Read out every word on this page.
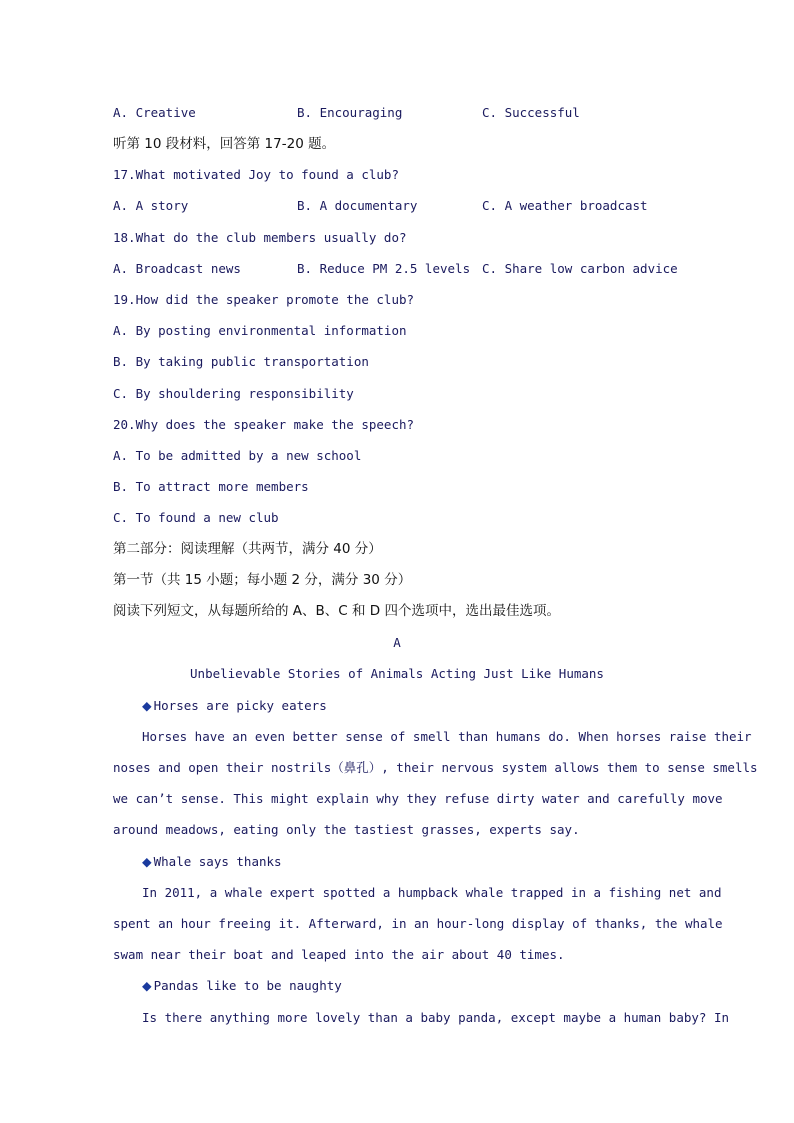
A. Creative	B. Encouraging	C. Successful
听第 10 段材料，回答第 17-20 题。
17.What motivated Joy to found a club?
A. A story	B. A documentary	C. A weather broadcast
18.What do the club members usually do?
A. Broadcast news	B. Reduce PM 2.5 levels C. Share low carbon advice
19.How did the speaker promote the club?
A. By posting environmental information
B. By taking public transportation
C. By shouldering responsibility
20.Why does the speaker make the speech?
A. To be admitted by a new school
B. To attract more members
C. To found a new club
第二部分：阅读理解（共两节，满分 40 分）
第一节（共 15 小题；每小题 2 分，满分 30 分）
阅读下列短文，从每题所给的 A、B、C 和 D 四个选项中，选出最佳选项。
A
Unbelievable Stories of Animals Acting Just Like Humans
◆ Horses are picky eaters
Horses have an even better sense of smell than humans do. When horses raise their
noses and open their nostrils（鼻孔）, their nervous system allows them to sense smells
we can’t sense. This might explain why they refuse dirty water and carefully move
around meadows, eating only the tastiest grasses, experts say.
◆ Whale says thanks
In 2011, a whale expert spotted a humpback whale trapped in a fishing net and
spent an hour freeing it. Afterward, in an hour-long display of thanks, the whale
swam near their boat and leaped into the air about 40 times.
◆ Pandas like to be naughty
Is there anything more lovely than a baby panda, except maybe a human baby? In
